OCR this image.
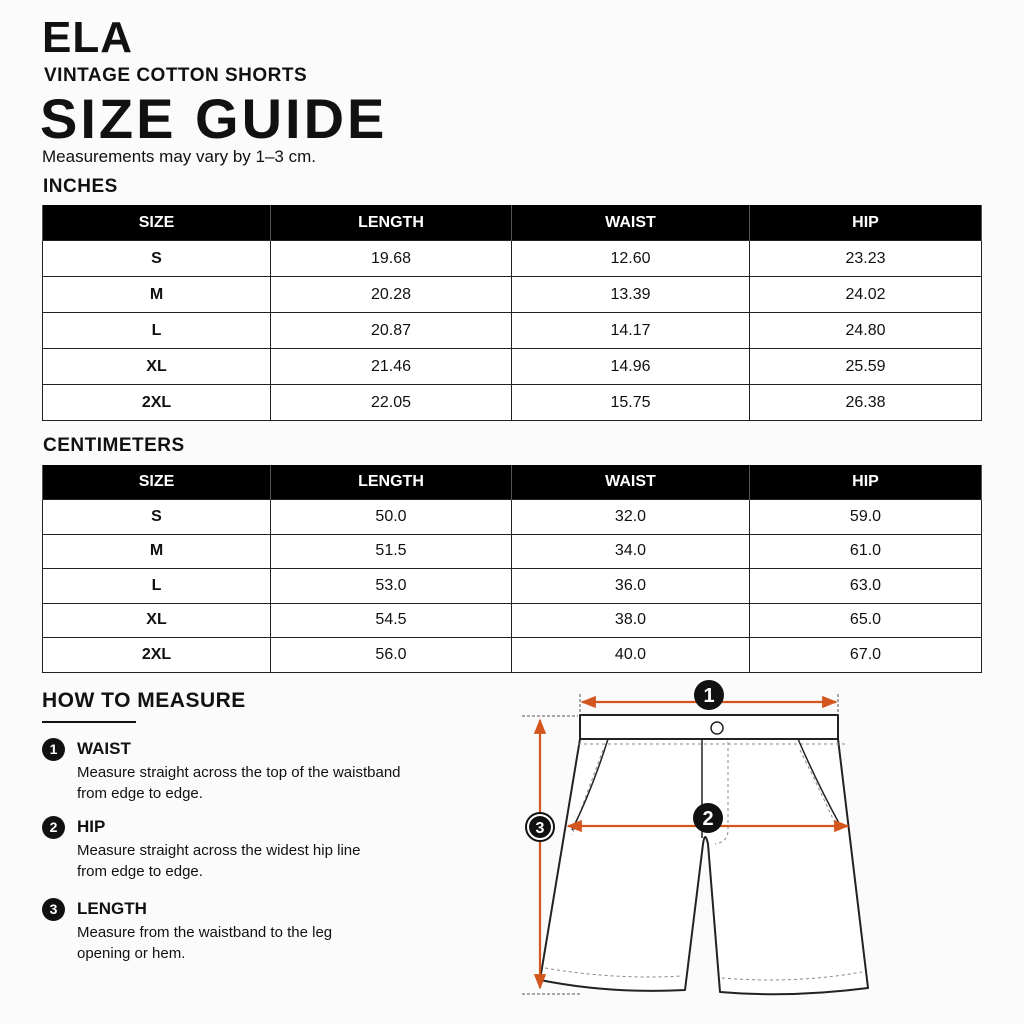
ELA
VINTAGE COTTON SHORTS
SIZE GUIDE
Measurements may vary by 1–3 cm.
INCHES
SIZE	LENGTH	WAIST	HIP
S	19.68	12.60	23.23
M	20.28	13.39	24.02
L	20.87	14.17	24.80
XL	21.46	14.96	25.59
2XL	22.05	15.75	26.38
CENTIMETERS
SIZE	LENGTH	WAIST	HIP
S	50.0	32.0	59.0
M	51.5	34.0	61.0
L	53.0	36.0	63.0
XL	54.5	38.0	65.0
2XL	56.0	40.0	67.0
HOW TO MEASURE
1	WAIST
Measure straight across the top of the waistband
from edge to edge.
2	HIP
Measure straight across the widest hip line
from edge to edge.
3	LENGTH
Measure from the waistband to the leg
opening or hem.
1
2
3
